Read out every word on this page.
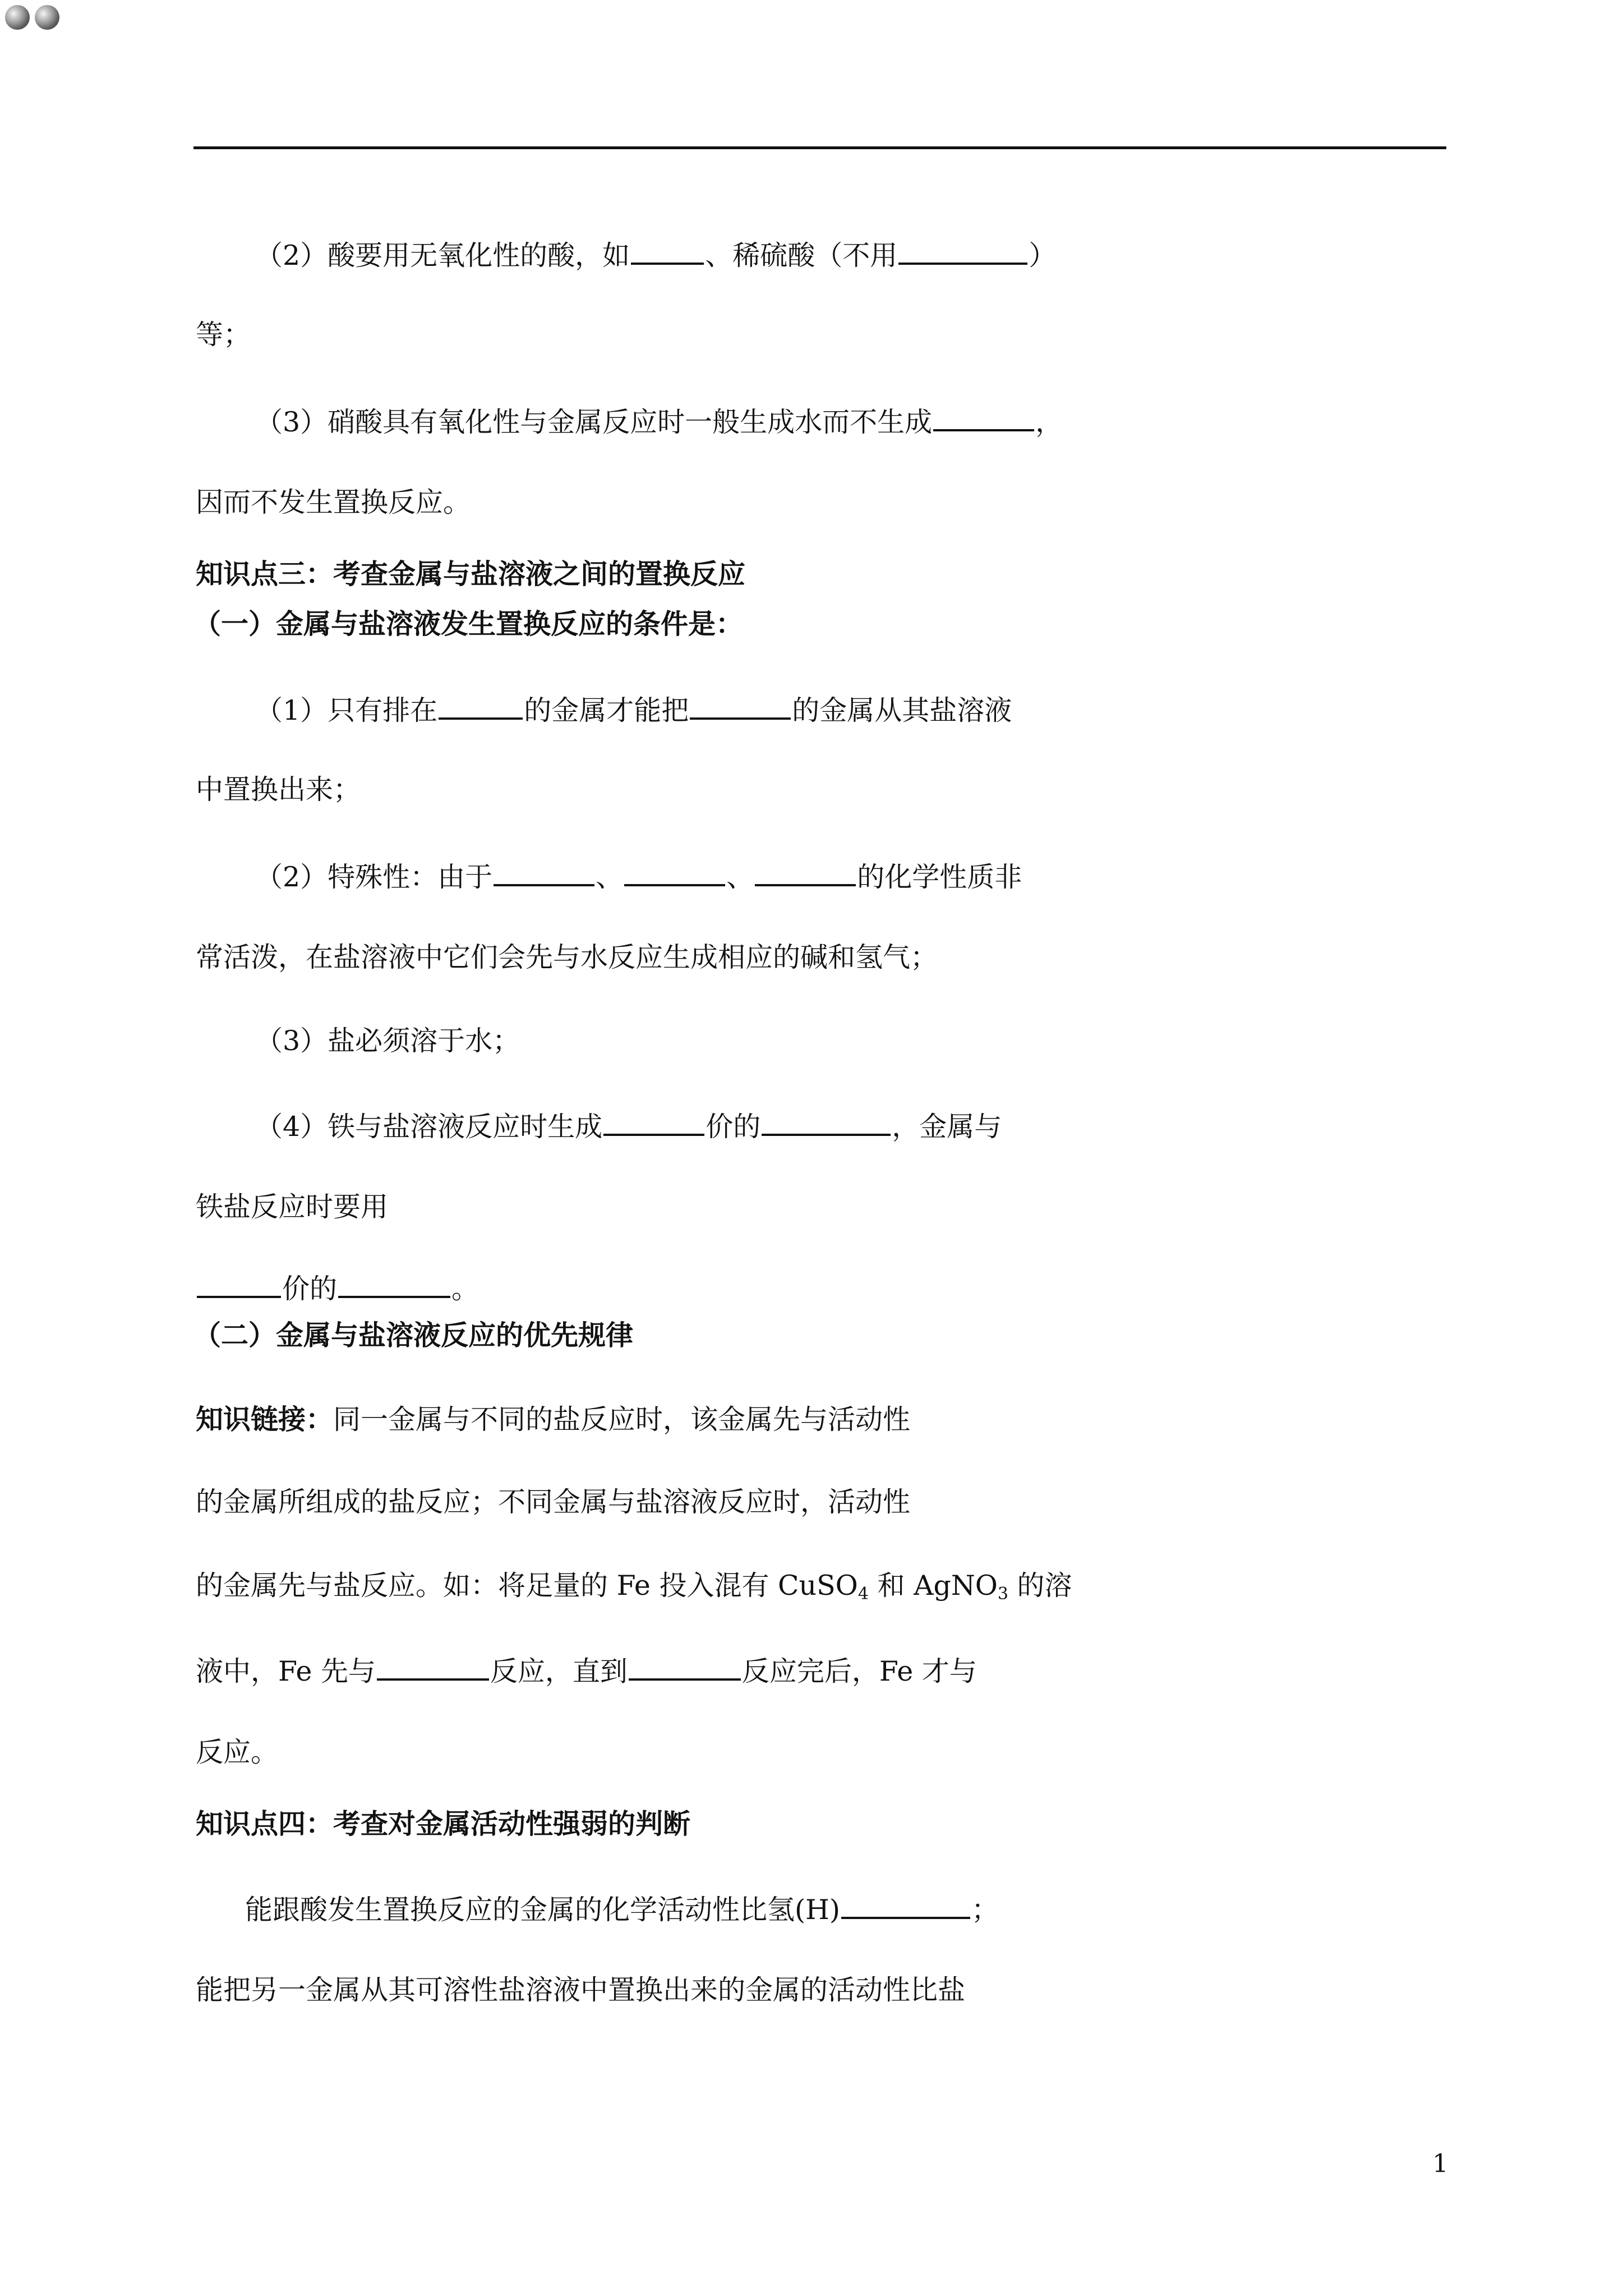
（2）酸要用无氧化性的酸，如	、稀硫酸（不用	）
等；
（3）硝酸具有氧化性与金属反应时一般生成水而不生成	，
因而不发生置换反应。
知识点三：考查金属与盐溶液之间的置换反应
（一）金属与盐溶液发生置换反应的条件是：
（1）只有排在	的金属才能把	的金属从其盐溶液
中置换出来；
（2）特殊性：由于	、	、	的化学性质非
常活泼，在盐溶液中它们会先与水反应生成相应的碱和氢气；
（3）盐必须溶于水；
（4）铁与盐溶液反应时生成	价的	，金属与
铁盐反应时要用
价的	。
（二）金属与盐溶液反应的优先规律
知识链接：同一金属与不同的盐反应时，该金属先与活动性
的金属所组成的盐反应；不同金属与盐溶液反应时，活动性
的金属先与盐反应。如：将足量的 Fe 投入混有 CuSO$_4$ 和 AgNO$_3$ 的溶
液中，Fe 先与	反应，直到	反应完后，Fe 才与
反应。
知识点四：考查对金属活动性强弱的判断
能跟酸发生置换反应的金属的化学活动性比氢(H)	；
能把另一金属从其可溶性盐溶液中置换出来的金属的活动性比盐
1
